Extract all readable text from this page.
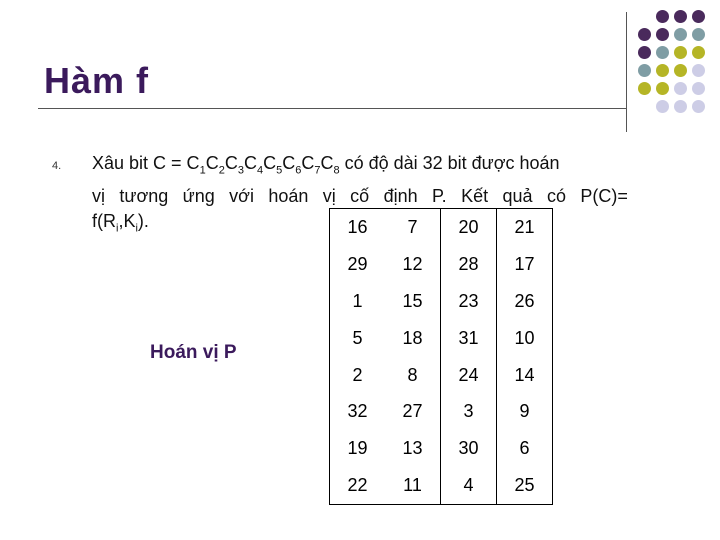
Hàm f
4. Xâu bit $C = C_1C_2C_3C_4C_5C_6C_7C_8$ có độ dài 32 bit được hoán
vị tương ứng với hoán vị cố định P. Kết quả có P(C)=
$f(R_i,K_i)$.
Hoán vị P
16	7	20	21
29	12	28	17
1	15	23	26
5	18	31	10
2	8	24	14
32	27	3	9
19	13	30	6
22	11	4	25
